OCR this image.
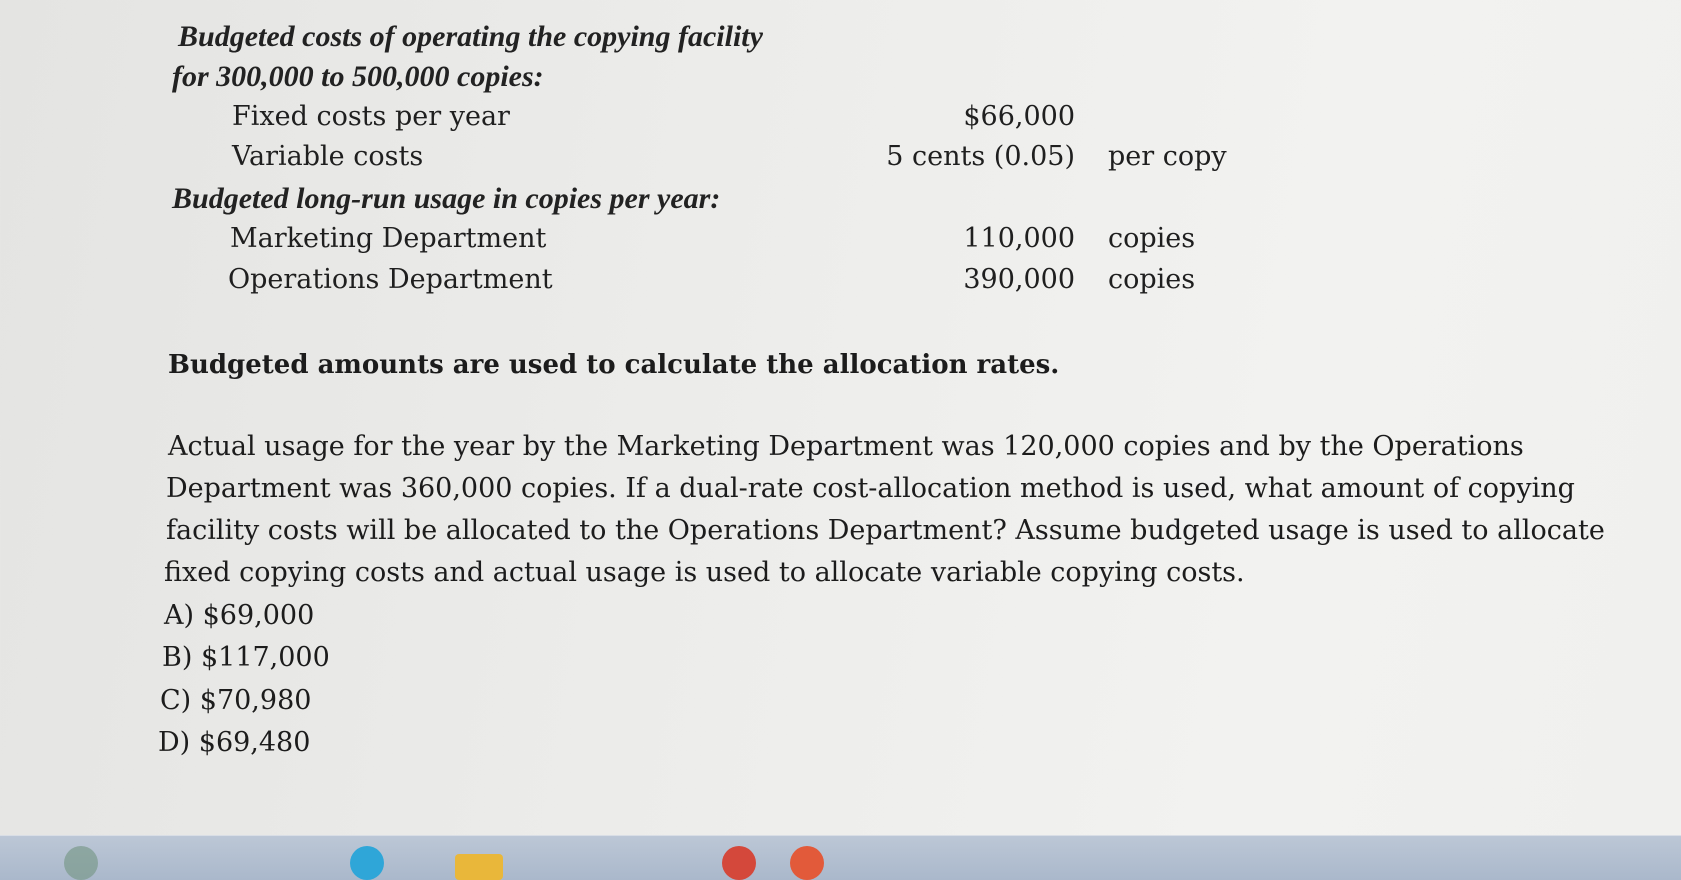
Budgeted costs of operating the copying facility
for 300,000 to 500,000 copies:
Fixed costs per year	$66,000
Variable costs	5 cents (0.05) per copy
Budgeted long-run usage in copies per year:
Marketing Department	110,000 copies
Operations Department	390,000 copies
Budgeted amounts are used to calculate the allocation rates.
Actual usage for the year by the Marketing Department was 120,000 copies and by the Operations
Department was 360,000 copies. If a dual-rate cost-allocation method is used, what amount of copying
facility costs will be allocated to the Operations Department? Assume budgeted usage is used to allocate
fixed copying costs and actual usage is used to allocate variable copying costs.
A) $69,000
B) $117,000
C) $70,980
D) $69,480
